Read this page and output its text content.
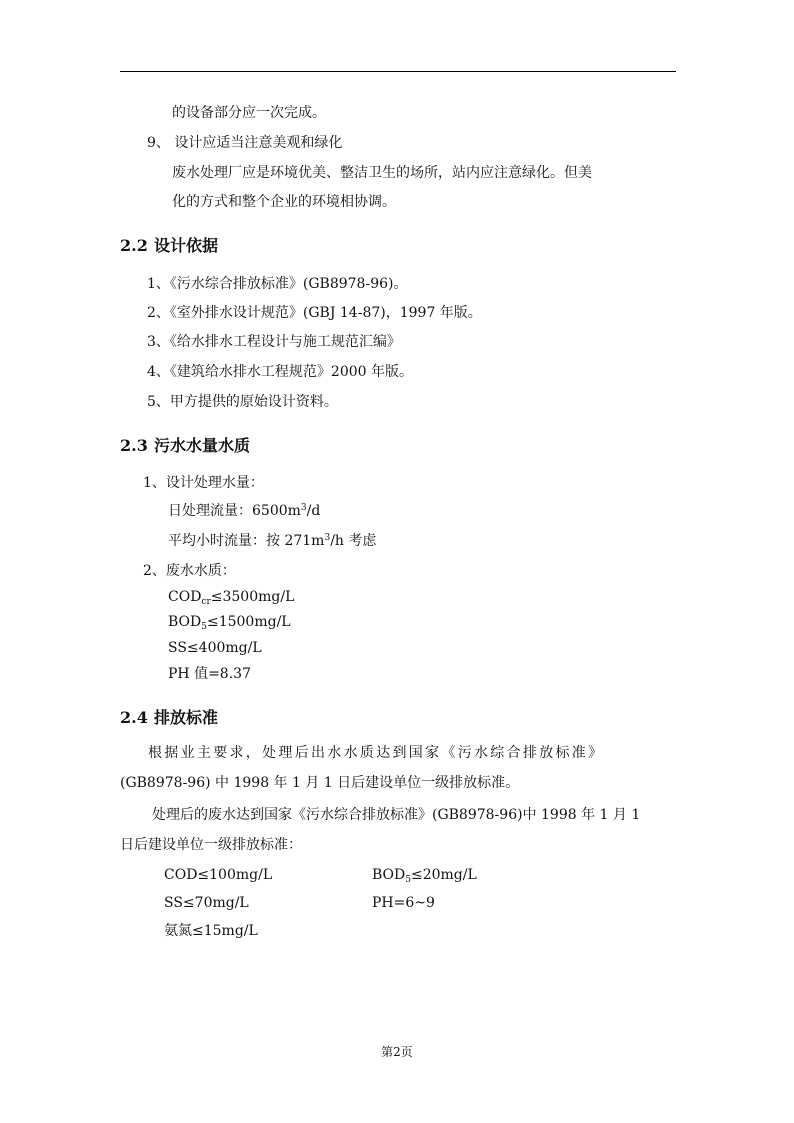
的设备部分应一次完成。
9、 设计应适当注意美观和绿化
废水处理厂应是环境优美、整洁卫生的场所，站内应注意绿化。但美
化的方式和整个企业的环境相协调。
2.2 设计依据
1、《污水综合排放标准》(GB8978-96)。
2、《室外排水设计规范》(GBJ 14-87)，1997 年版。
3、《给水排水工程设计与施工规范汇编》
4、《建筑给水排水工程规范》2000 年版。
5、甲方提供的原始设计资料。
2.3 污水水量水质
1、设计处理水量：
日处理流量：$6500m^3/d$
平均小时流量：按 $271m^3/h$ 考虑
2、废水水质：
$COD_{cr}\le 3500mg/L$
$BOD_5\le 1500mg/L$
SS≤400mg/L
PH 值=8.37
2.4 排放标准
根据业主要求，处理后出水水质达到国家《污水综合排放标准》
(GB8978-96) 中 1998 年 1 月 1 日后建设单位一级排放标准。
处理后的废水达到国家《污水综合排放标准》(GB8978-96)中 1998 年 1 月 1
日后建设单位一级排放标准：
COD≤100mg/L	$BOD_5\le 20mg/L$
SS≤70mg/L	PH=6~9
氨氮≤15mg/L
第2页
